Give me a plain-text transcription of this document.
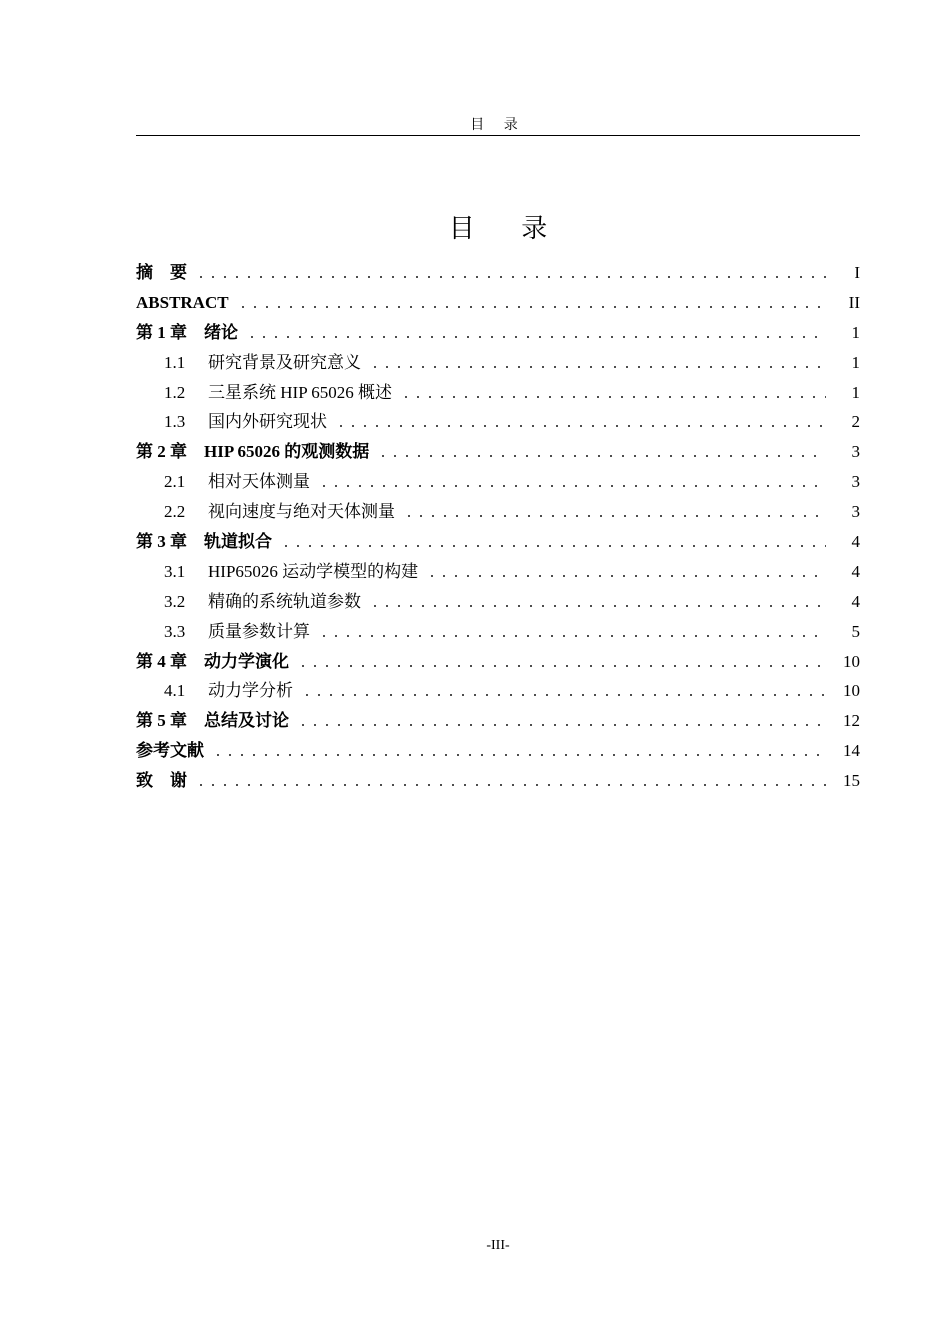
目 录
目 录
摘　要	I
ABSTRACT	II
第 1 章　绪论	1
1.1	研究背景及研究意义	1
1.2	三星系统 HIP 65026 概述	1
1.3	国内外研究现状	2
第 2 章　HIP 65026 的观测数据	3
2.1	相对天体测量	3
2.2	视向速度与绝对天体测量	3
第 3 章　轨道拟合	4
3.1	HIP65026 运动学模型的构建	4
3.2	精确的系统轨道参数	4
3.3	质量参数计算	5
第 4 章　动力学演化	10
4.1	动力学分析	10
第 5 章　总结及讨论	12
参考文献	14
致　谢	15
-III-
